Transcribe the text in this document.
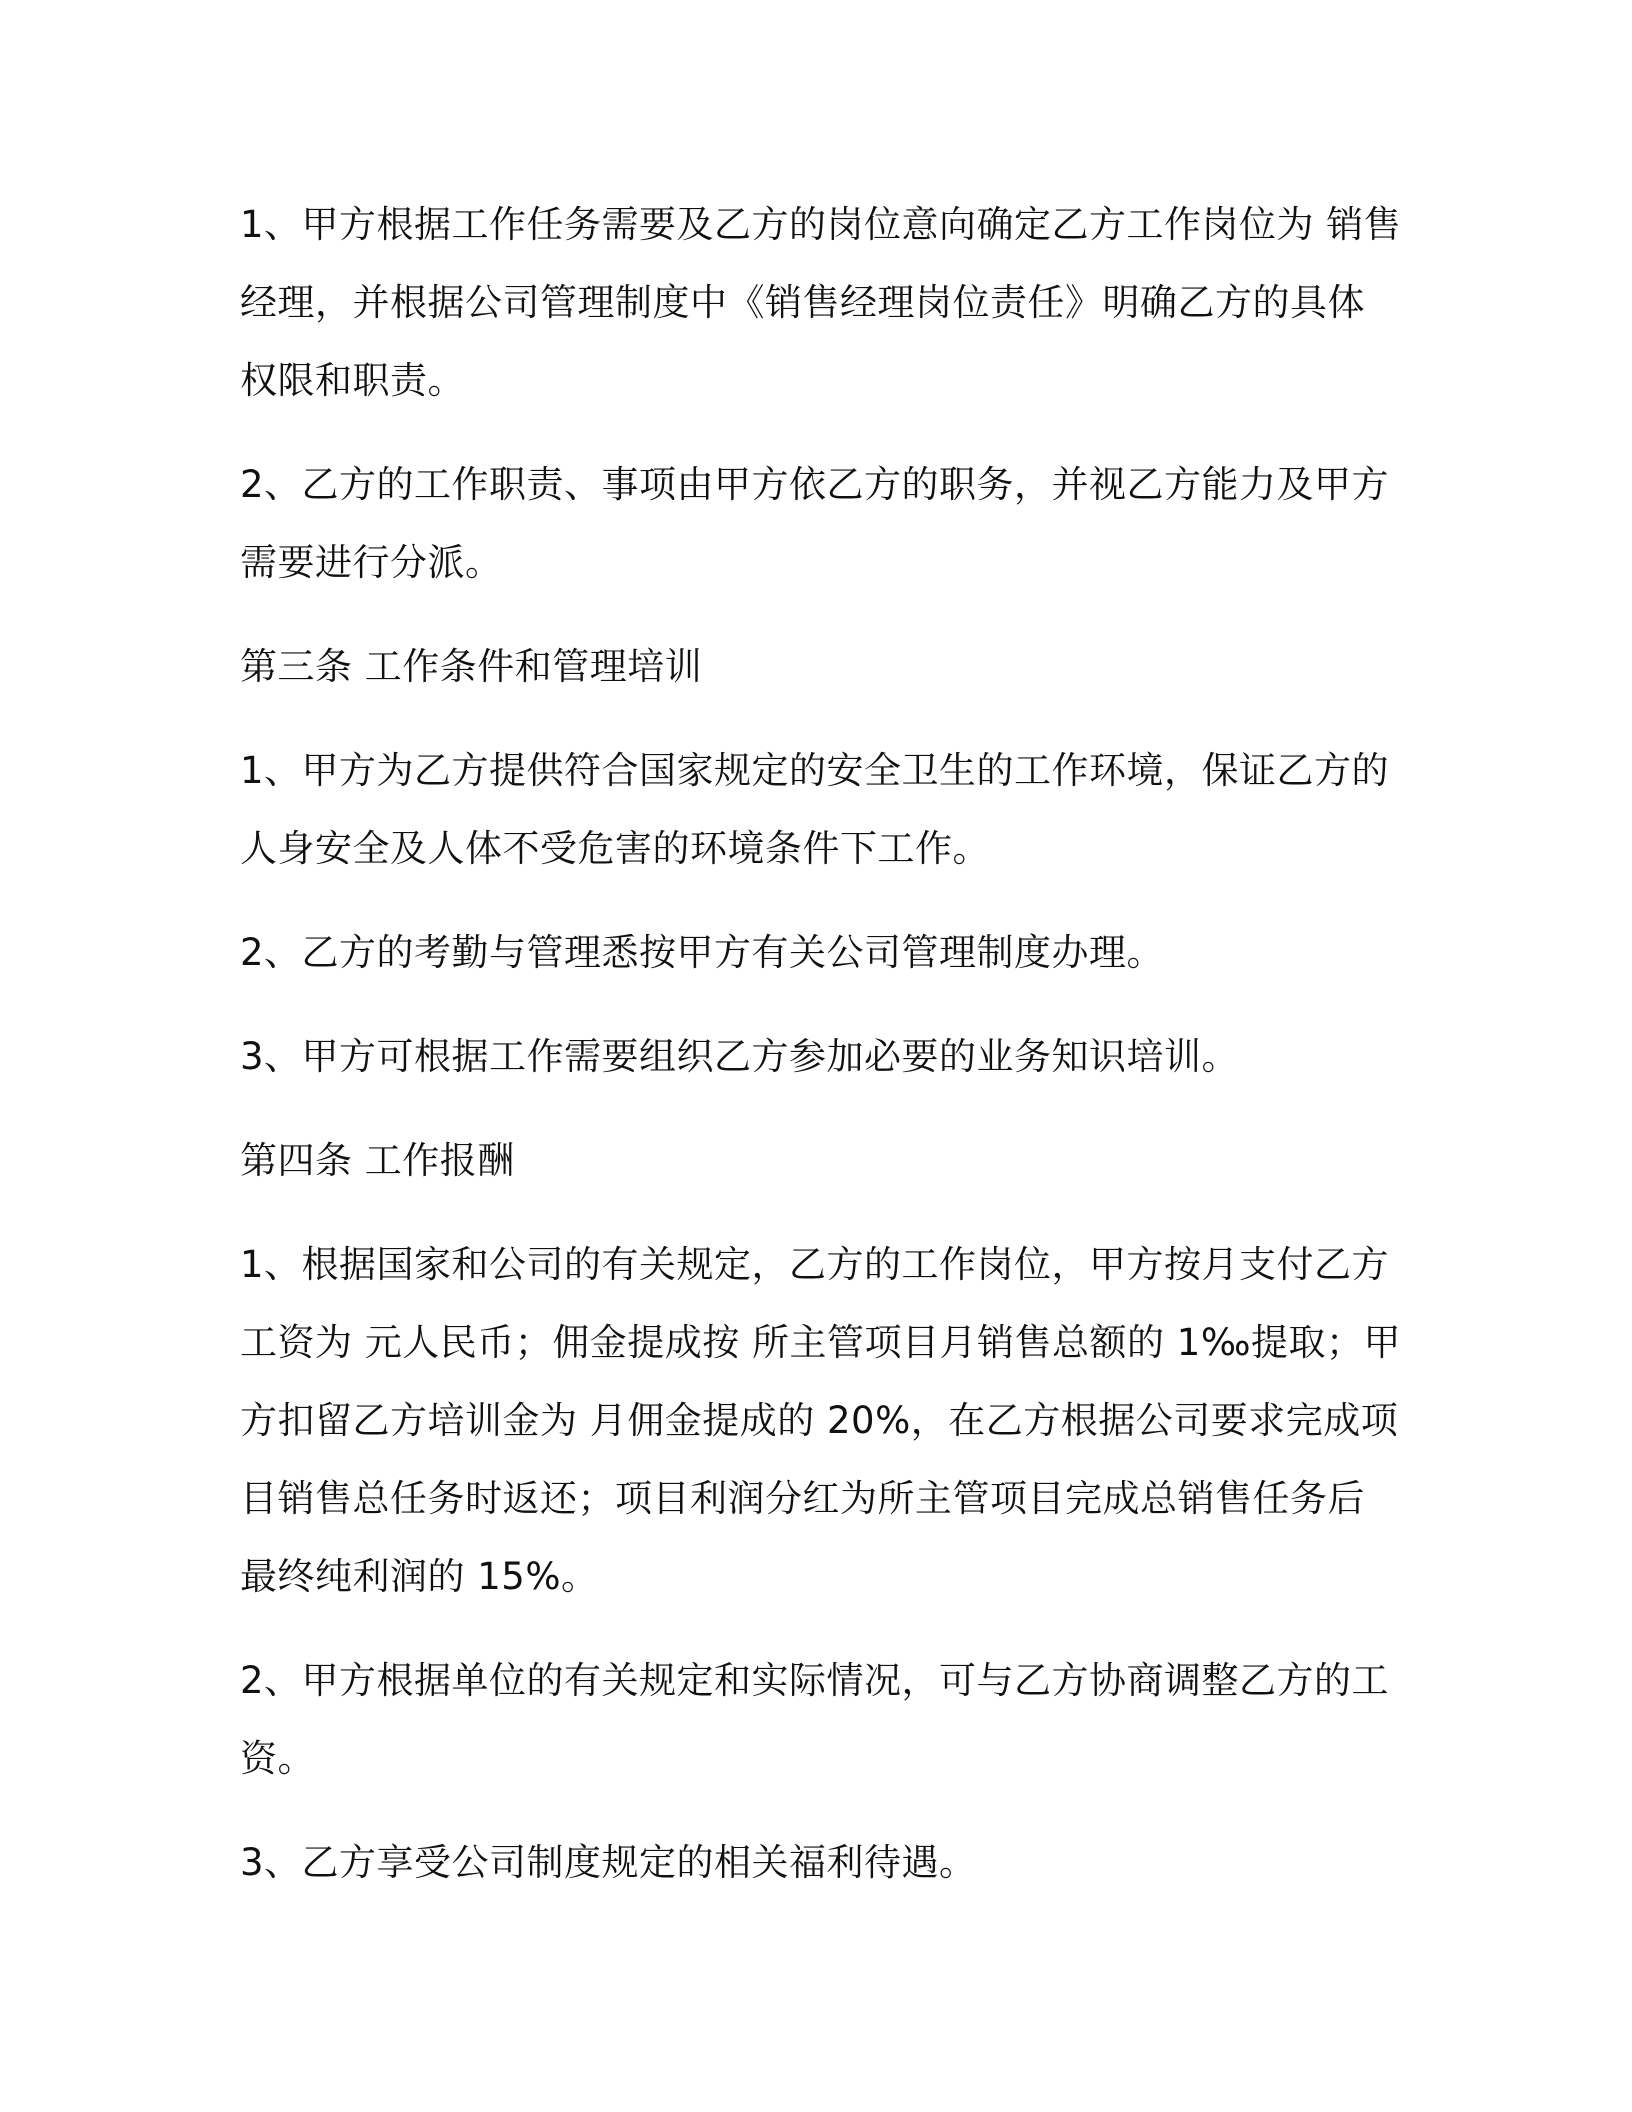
1、甲方根据工作任务需要及乙方的岗位意向确定乙方工作岗位为 销售
经理，并根据公司管理制度中《销售经理岗位责任》明确乙方的具体
权限和职责。

2、乙方的工作职责、事项由甲方依乙方的职务，并视乙方能力及甲方
需要进行分派。

第三条 工作条件和管理培训

1、甲方为乙方提供符合国家规定的安全卫生的工作环境，保证乙方的
人身安全及人体不受危害的环境条件下工作。

2、乙方的考勤与管理悉按甲方有关公司管理制度办理。

3、甲方可根据工作需要组织乙方参加必要的业务知识培训。

第四条 工作报酬

1、根据国家和公司的有关规定，乙方的工作岗位，甲方按月支付乙方
工资为 元人民币；佣金提成按 所主管项目月销售总额的 1‰提取；甲
方扣留乙方培训金为 月佣金提成的 20%，在乙方根据公司要求完成项
目销售总任务时返还；项目利润分红为所主管项目完成总销售任务后
最终纯利润的 15%。

2、甲方根据单位的有关规定和实际情况，可与乙方协商调整乙方的工
资。

3、乙方享受公司制度规定的相关福利待遇。
